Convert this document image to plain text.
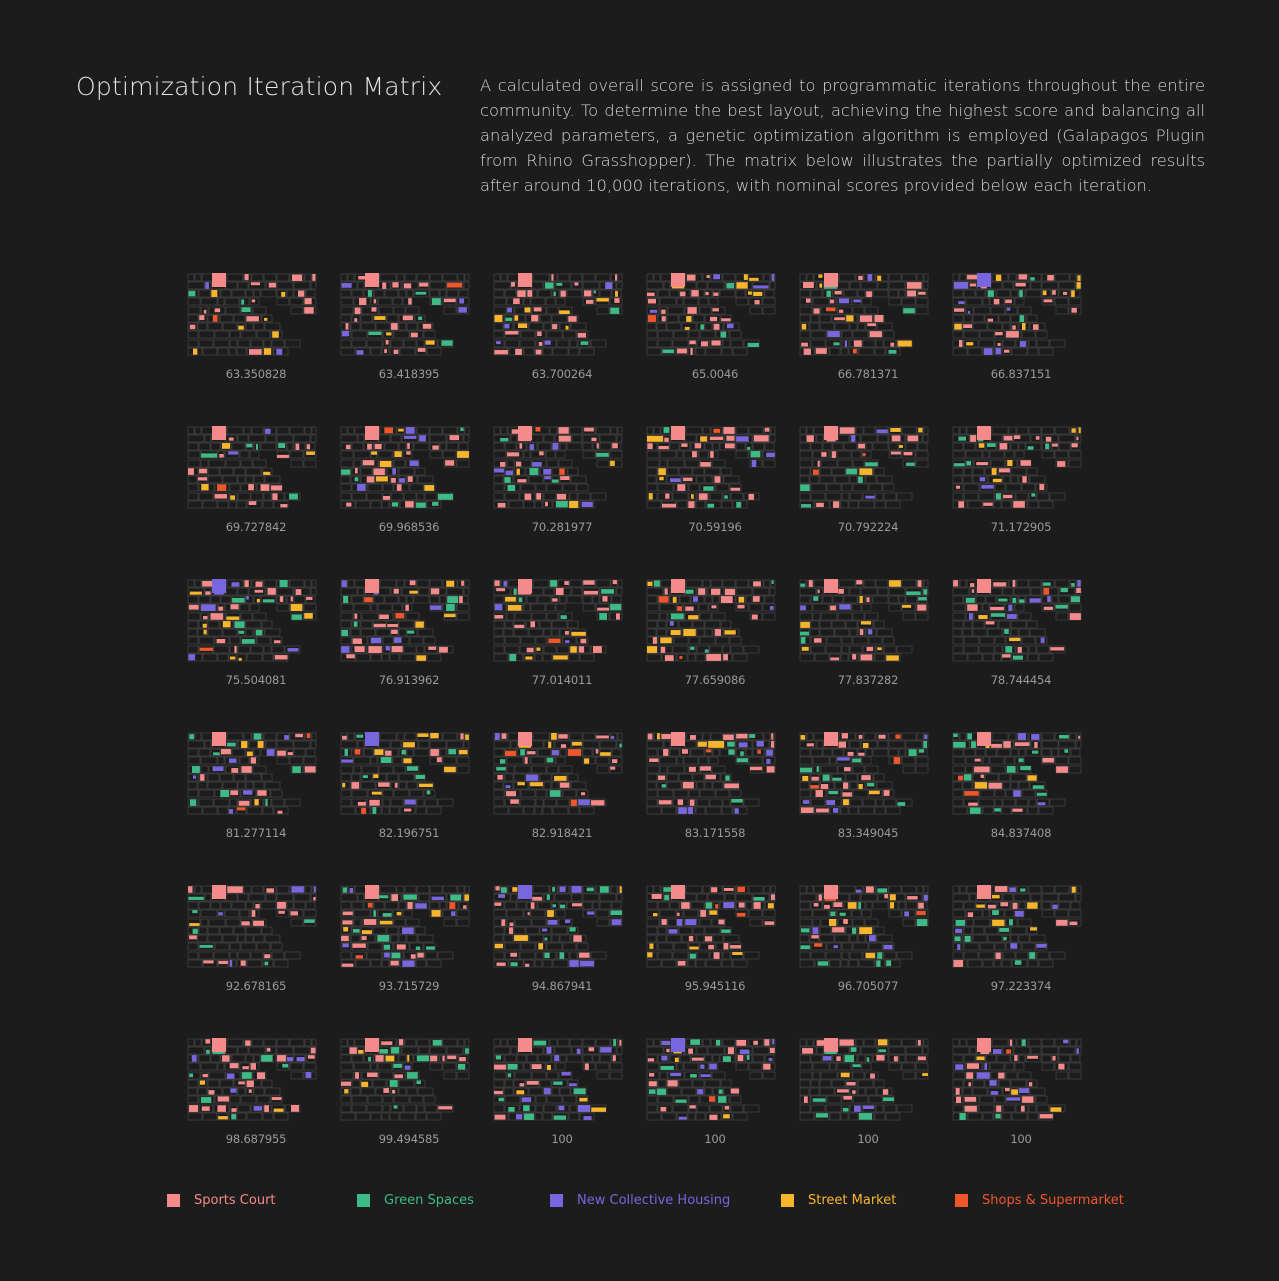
Optimization Iteration Matrix A calculated overall score is assigned to programmatic iterations throughout the entire community. To determine the best layout, achieving the highest score and balancing all analyzed parameters, a genetic optimization algorithm is employed (Galapagos Plugin from Rhino Grasshopper). The matrix below illustrates the partially optimized results after around 10,000 iterations, with nominal scores provided below each iteration.

63.350828	63.418395	63.700264	65.0046	66.781371	66.837151
69.727842	69.968536	70.281977	70.59196	70.792224	71.172905
75.504081	76.913962	77.014011	77.659086	77.837282	78.744454
81.277114	82.196751	82.918421	83.171558	83.349045	84.837408
92.678165	93.715729	94.867941	95.945116	96.705077	97.223374
98.687955	99.494585	100	100	100	100
Sports Court	Green Spaces	New Collective Housing	Street Market	Shops & Supermarket
